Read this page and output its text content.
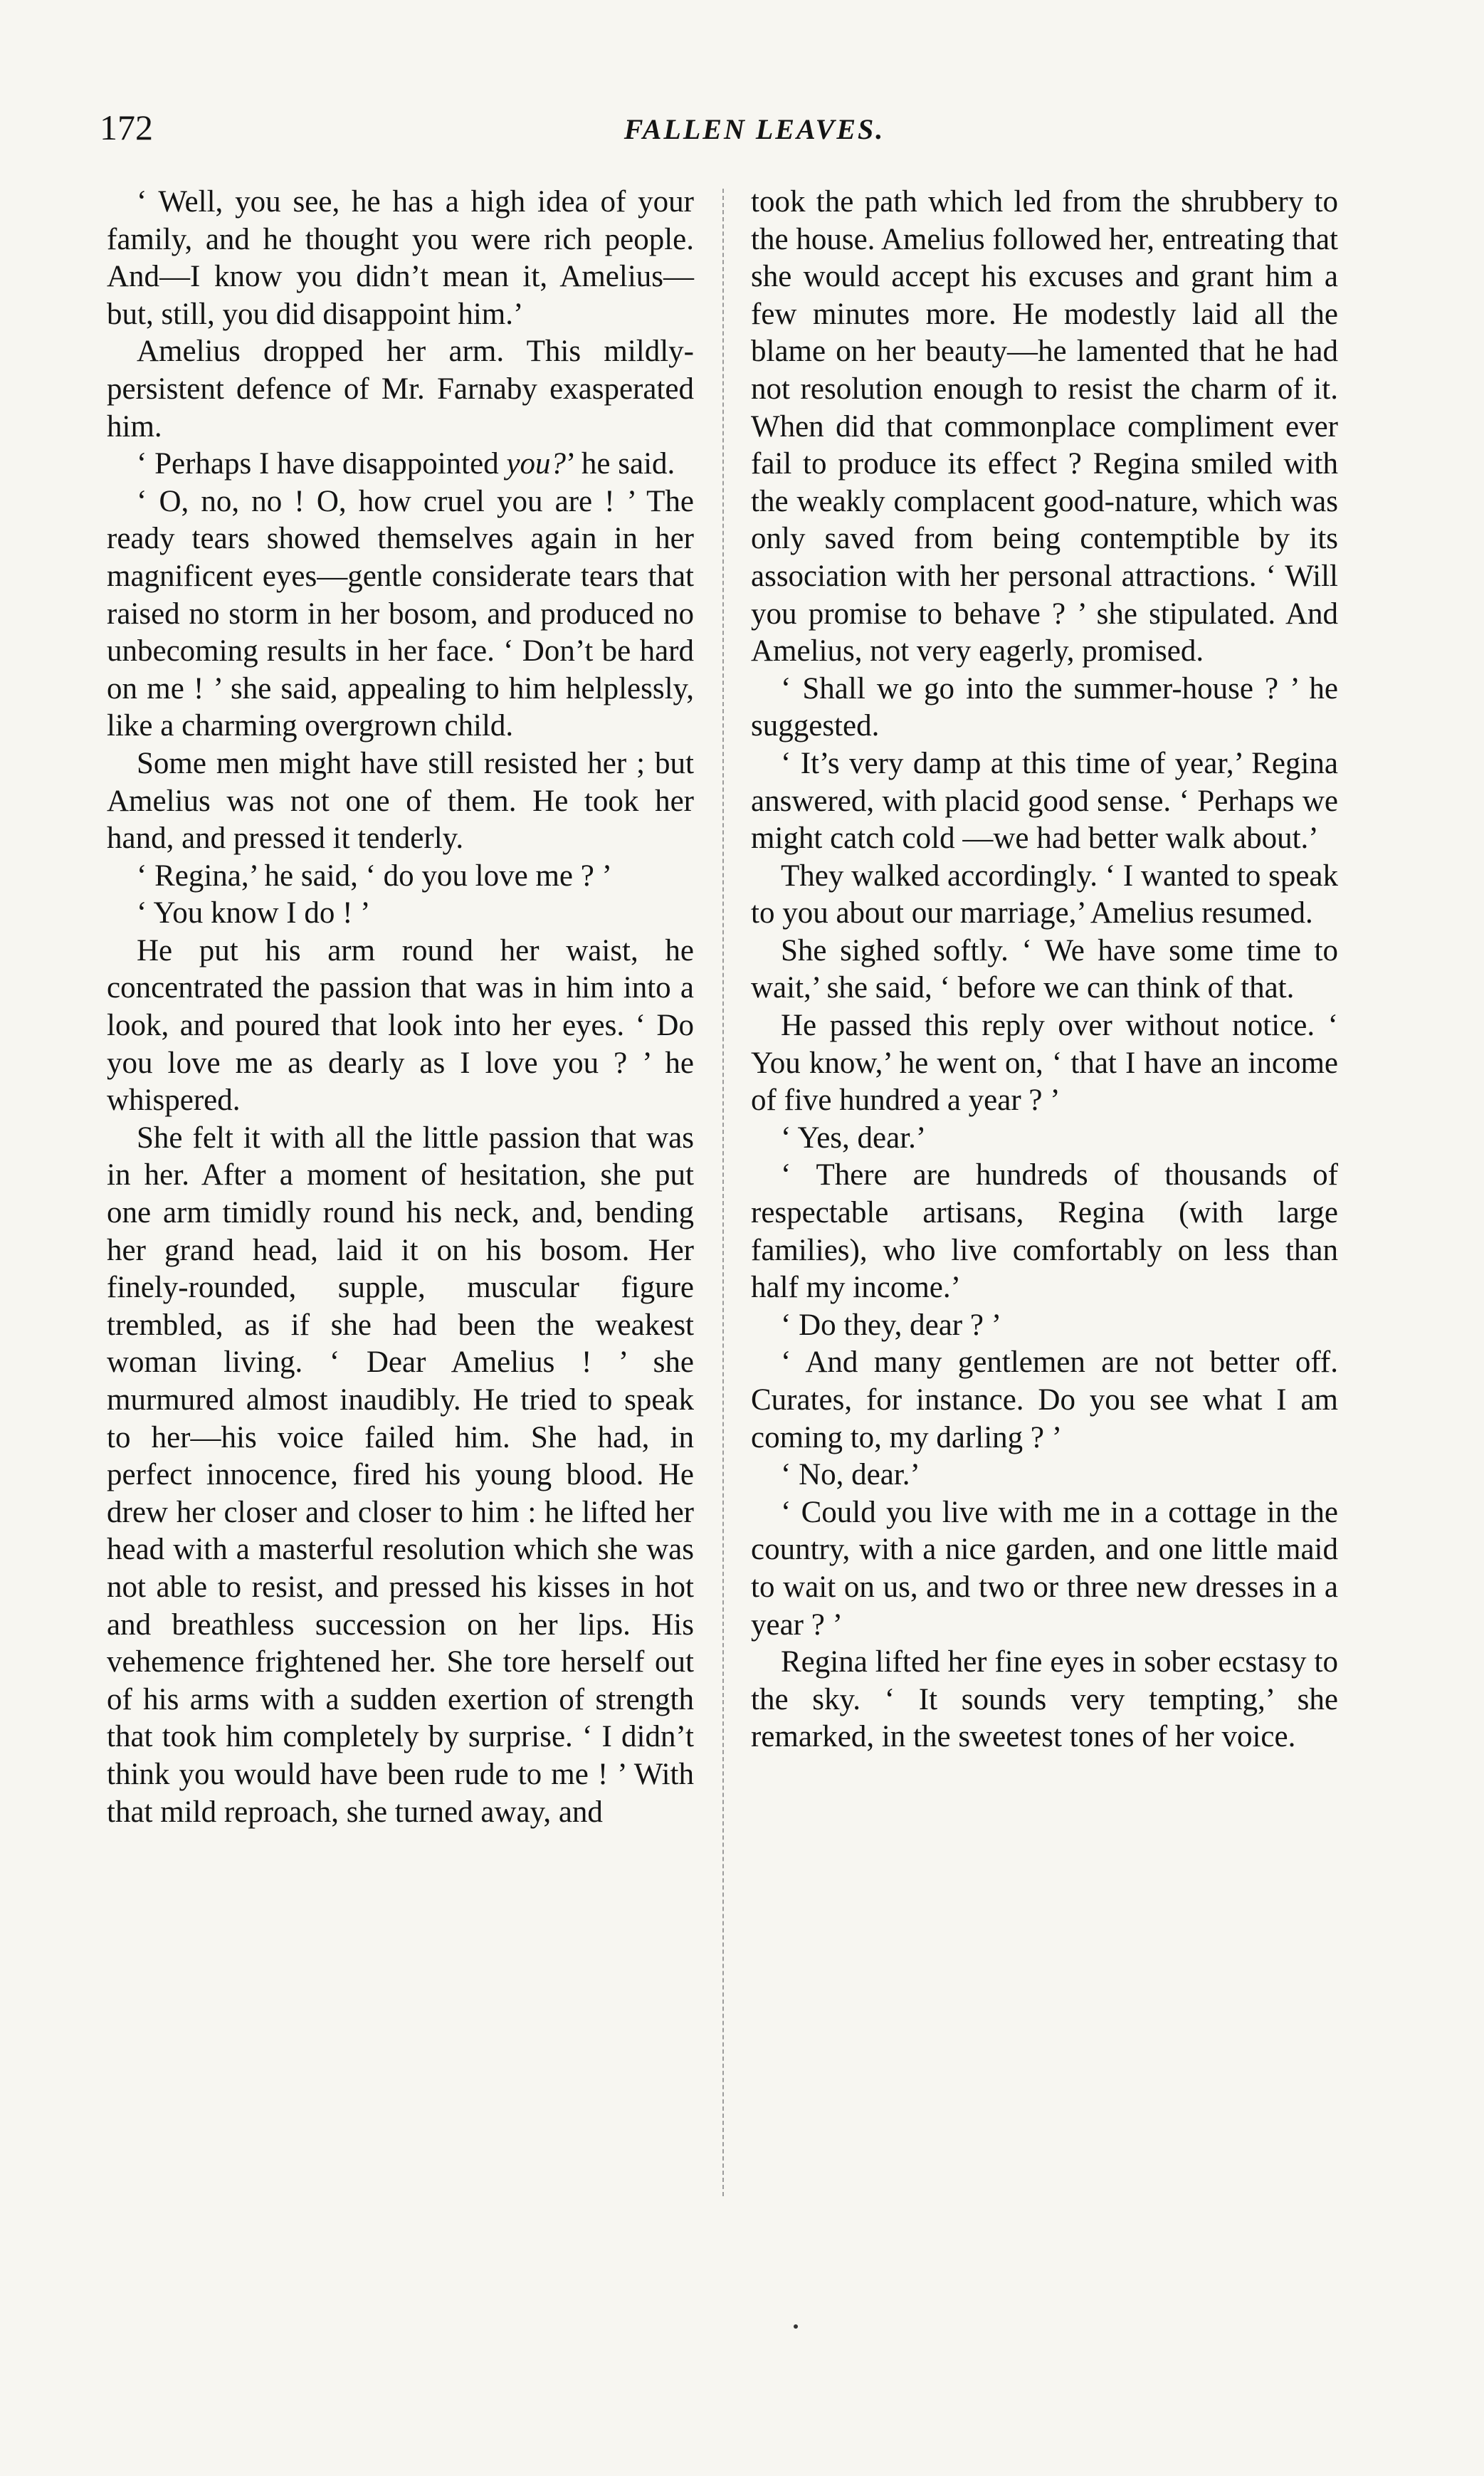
172	FALLEN LEAVES.

‘ Well, you see, he has a high idea of your family, and he thought you were rich people. And—I know you didn’t mean it, Amelius—but, still, you did disappoint him.’

Amelius dropped her arm. This mildly-persistent defence of Mr. Farnaby exasperated him.

‘ Perhaps I have disappointed you?’ he said.

‘ O, no, no ! O, how cruel you are ! ’ The ready tears showed themselves again in her magnificent eyes—gentle considerate tears that raised no storm in her bosom, and produced no unbecoming results in her face. ‘ Don’t be hard on me ! ’ she said, appealing to him helplessly, like a charming overgrown child.

Some men might have still resisted her ; but Amelius was not one of them. He took her hand, and pressed it tenderly.

‘ Regina,’ he said, ‘ do you love me ? ’

‘ You know I do ! ’

He put his arm round her waist, he concentrated the passion that was in him into a look, and poured that look into her eyes. ‘ Do you love me as dearly as I love you ? ’ he whispered.

She felt it with all the little passion that was in her. After a moment of hesitation, she put one arm timidly round his neck, and, bending her grand head, laid it on his bosom. Her finely-rounded, supple, muscular figure trembled, as if she had been the weakest woman living. ‘ Dear Amelius ! ’ she murmured almost inaudibly. He tried to speak to her—his voice failed him. She had, in perfect innocence, fired his young blood. He drew her closer and closer to him : he lifted her head with a masterful resolution which she was not able to resist, and pressed his kisses in hot and breathless succession on her lips. His vehemence frightened her. She tore herself out of his arms with a sudden exertion of strength that took him completely by surprise. ‘ I didn’t think you would have been rude to me ! ’ With that mild reproach, she turned away, and

took the path which led from the shrubbery to the house. Amelius followed her, entreating that she would accept his excuses and grant him a few minutes more. He modestly laid all the blame on her beauty—he lamented that he had not resolution enough to resist the charm of it. When did that commonplace compliment ever fail to produce its effect ? Regina smiled with the weakly complacent good-nature, which was only saved from being contemptible by its association with her personal attractions. ‘ Will you promise to behave ? ’ she stipulated. And Amelius, not very eagerly, promised.

‘ Shall we go into the summer-house ? ’ he suggested.

‘ It’s very damp at this time of year,’ Regina answered, with placid good sense. ‘ Perhaps we might catch cold —we had better walk about.’

They walked accordingly. ‘ I wanted to speak to you about our marriage,’ Amelius resumed.

She sighed softly. ‘ We have some time to wait,’ she said, ‘ before we can think of that.

He passed this reply over without notice. ‘ You know,’ he went on, ‘ that I have an income of five hundred a year ? ’

‘ Yes, dear.’

‘ There are hundreds of thousands of respectable artisans, Regina (with large families), who live comfortably on less than half my income.’

‘ Do they, dear ? ’

‘ And many gentlemen are not better off. Curates, for instance. Do you see what I am coming to, my darling ? ’

‘ No, dear.’

‘ Could you live with me in a cottage in the country, with a nice garden, and one little maid to wait on us, and two or three new dresses in a year ? ’

Regina lifted her fine eyes in sober ecstasy to the sky. ‘ It sounds very tempting,’ she remarked, in the sweetest tones of her voice.
